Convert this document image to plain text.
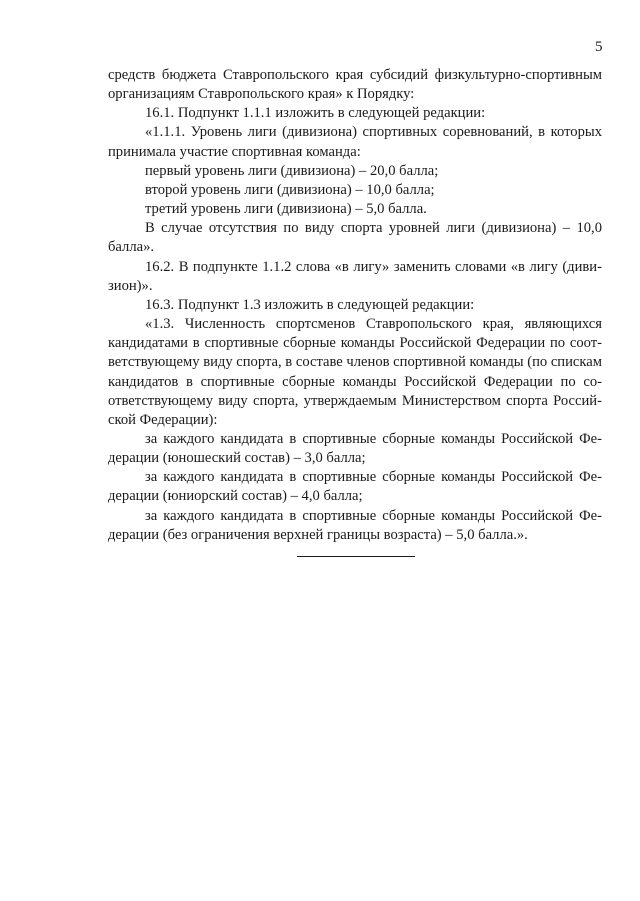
5

средств бюджета Ставропольского края субсидий физкультурно-спортивным организациям Ставропольского края» к Порядку:

16.1. Подпункт 1.1.1 изложить в следующей редакции:

«1.1.1. Уровень лиги (дивизиона) спортивных соревнований, в которых принимала участие спортивная команда:

первый уровень лиги (дивизиона) – 20,0 балла;

второй уровень лиги (дивизиона) – 10,0 балла;

третий уровень лиги (дивизиона) – 5,0 балла.

В случае отсутствия по виду спорта уровней лиги (дивизиона) – 10,0 балла».

16.2. В подпункте 1.1.2 слова «в лигу» заменить словами «в лигу (дивизион)».

16.3. Подпункт 1.3 изложить в следующей редакции:

«1.3. Численность спортсменов Ставропольского края, являющихся кандидатами в спортивные сборные команды Российской Федерации по соответствующему виду спорта, в составе членов спортивной команды (по спискам кандидатов в спортивные сборные команды Российской Федерации по соответствующему виду спорта, утверждаемым Министерством спорта Российской Федерации):

за каждого кандидата в спортивные сборные команды Российской Федерации (юношеский состав) – 3,0 балла;

за каждого кандидата в спортивные сборные команды Российской Федерации (юниорский состав) – 4,0 балла;

за каждого кандидата в спортивные сборные команды Российской Федерации (без ограничения верхней границы возраста) – 5,0 балла.».
